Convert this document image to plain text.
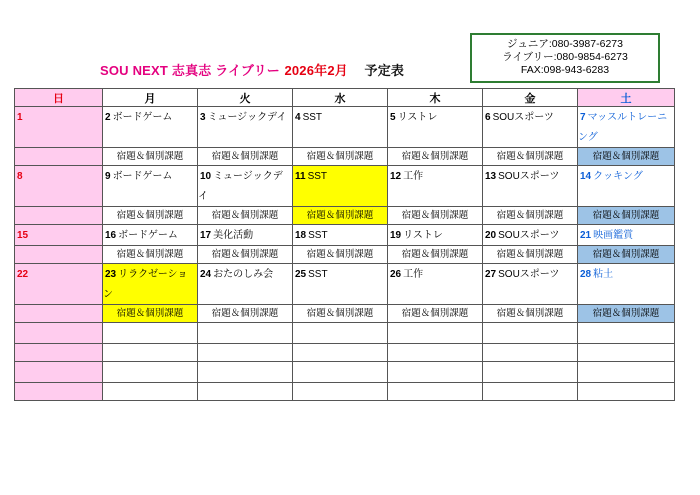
ジュニア:080-3987-6273
ライブリー:080-9854-6273
FAX:098-943-6283
SOU NEXT 志真志 ライブリー 2026年2月 予定表
日	月	火	水	木	金	土
1	2 ボードゲーム	3 ミュージックデイ	4 SST	5 リストレ	6 SOUスポーツ	7 マッスルトレーニング

	宿題＆個別課題	宿題＆個別課題	宿題＆個別課題	宿題＆個別課題	宿題＆個別課題	宿題＆個別課題

8	9 ボードゲーム	10 ミュージックデイ	11 SST	12 工作	13 SOUスポーツ	14 クッキング

	宿題＆個別課題	宿題＆個別課題	宿題＆個別課題	宿題＆個別課題	宿題＆個別課題	宿題＆個別課題

15	16 ボードゲーム	17 美化活動	18 SST	19 リストレ	20 SOUスポーツ	21 映画鑑賞

	宿題＆個別課題	宿題＆個別課題	宿題＆個別課題	宿題＆個別課題	宿題＆個別課題	宿題＆個別課題

22	23 リラクゼーション	24 おたのしみ会	25 SST	26 工作	27 SOUスポーツ	28 粘土

	宿題＆個別課題	宿題＆個別課題	宿題＆個別課題	宿題＆個別課題	宿題＆個別課題	宿題＆個別課題
